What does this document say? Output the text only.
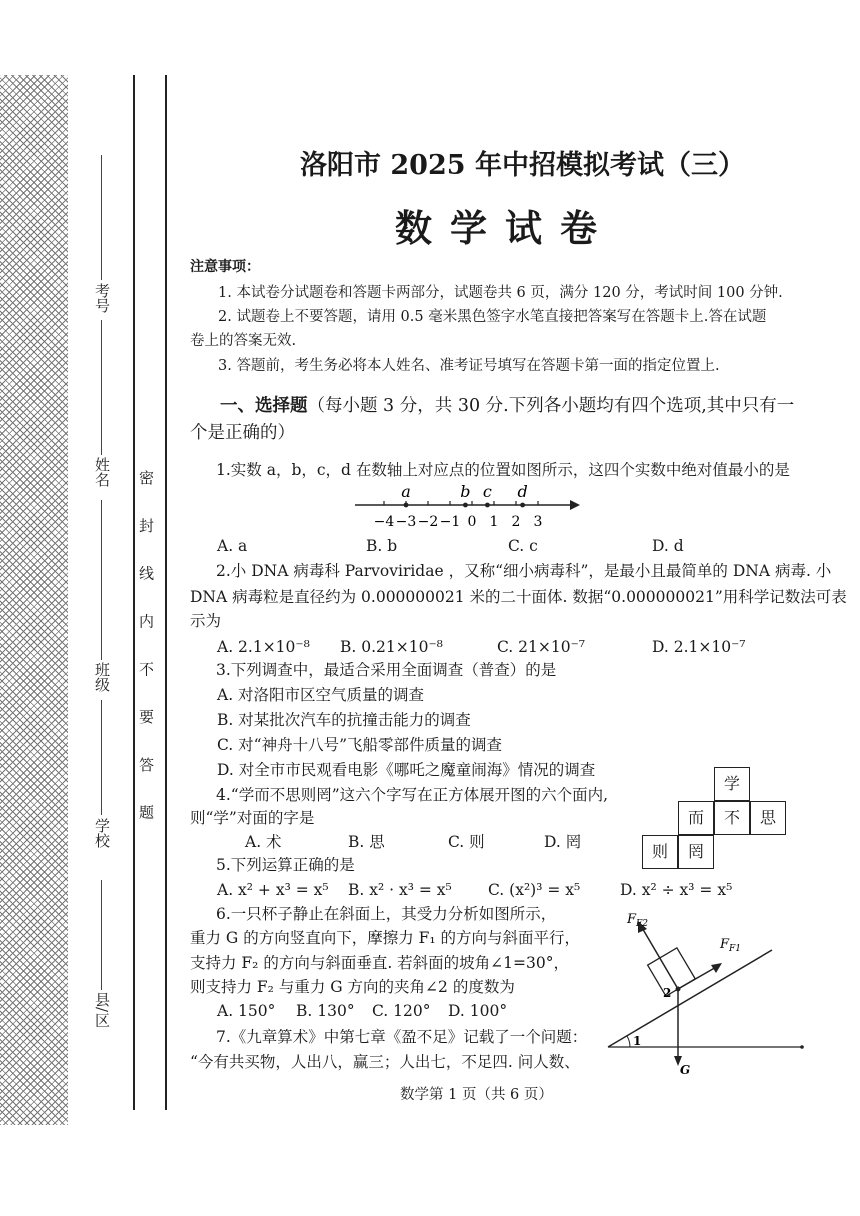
考号
姓名
班级
学校
县/区
密 封 线 内 不 要 答 题
洛阳市 2025 年中招模拟考试（三）
数学试卷
注意事项：
1. 本试卷分试题卷和答题卡两部分，试题卷共 6 页，满分 120 分，考试时间 100 分钟.
2. 试题卷上不要答题，请用 0.5 毫米黑色签字水笔直接把答案写在答题卡上.答在试题
卷上的答案无效.
3. 答题前，考生务必将本人姓名、准考证号填写在答题卡第一面的指定位置上.
一、选择题（每小题 3 分，共 30 分.下列各小题均有四个选项,其中只有一
个是正确的）
1.实数 a，b，c，d 在数轴上对应点的位置如图所示，这四个实数中绝对值最小的是
−4 −3 −2 −1 0 1 2 3
a	b c d
A. a	B. b	C. c	D. d
2.小 DNA 病毒科 Parvoviridae ，又称“细小病毒科”，是最小且最简单的 DNA 病毒. 小
DNA 病毒粒是直径约为 0.000000021 米的二十面体. 数据“0.000000021”用科学记数法可表
示为
A. 2.1×10⁻⁸ B. 0.21×10⁻⁸	C. 21×10⁻⁷	D. 2.1×10⁻⁷
3.下列调查中，最适合采用全面调查（普查）的是
A. 对洛阳市区空气质量的调查
B. 对某批次汽车的抗撞击能力的调查
C. 对“神舟十八号”飞船零部件质量的调查
D. 对全市市民观看电影《哪吒之魔童闹海》情况的调查
4.“学而不思则罔”这六个字写在正方体展开图的六个面内,
则“学”对面的字是
A. 术	B. 思	C. 则	D. 罔
学
而	不	思
则	罔
5.下列运算正确的是
A. x² + x³ = x⁵ B. x² · x³ = x⁵ C. (x²)³ = x⁵	D. x² ÷ x³ = x⁵
6.一只杯子静止在斜面上，其受力分析如图所示，
重力 G 的方向竖直向下，摩擦力 F₁ 的方向与斜面平行，
支持力 F₂ 的方向与斜面垂直. 若斜面的坡角∠1=30°，
则支持力 F₂ 与重力 G 方向的夹角∠2 的度数为
A. 150° B. 130° C. 120° D. 100°
$F_{F2}$
$F_{F1}$
2
1
G
7.《九章算术》中第七章《盈不足》记载了一个问题：
“今有共买物，人出八，赢三；人出七，不足四. 问人数、
数学第 1 页（共 6 页）
